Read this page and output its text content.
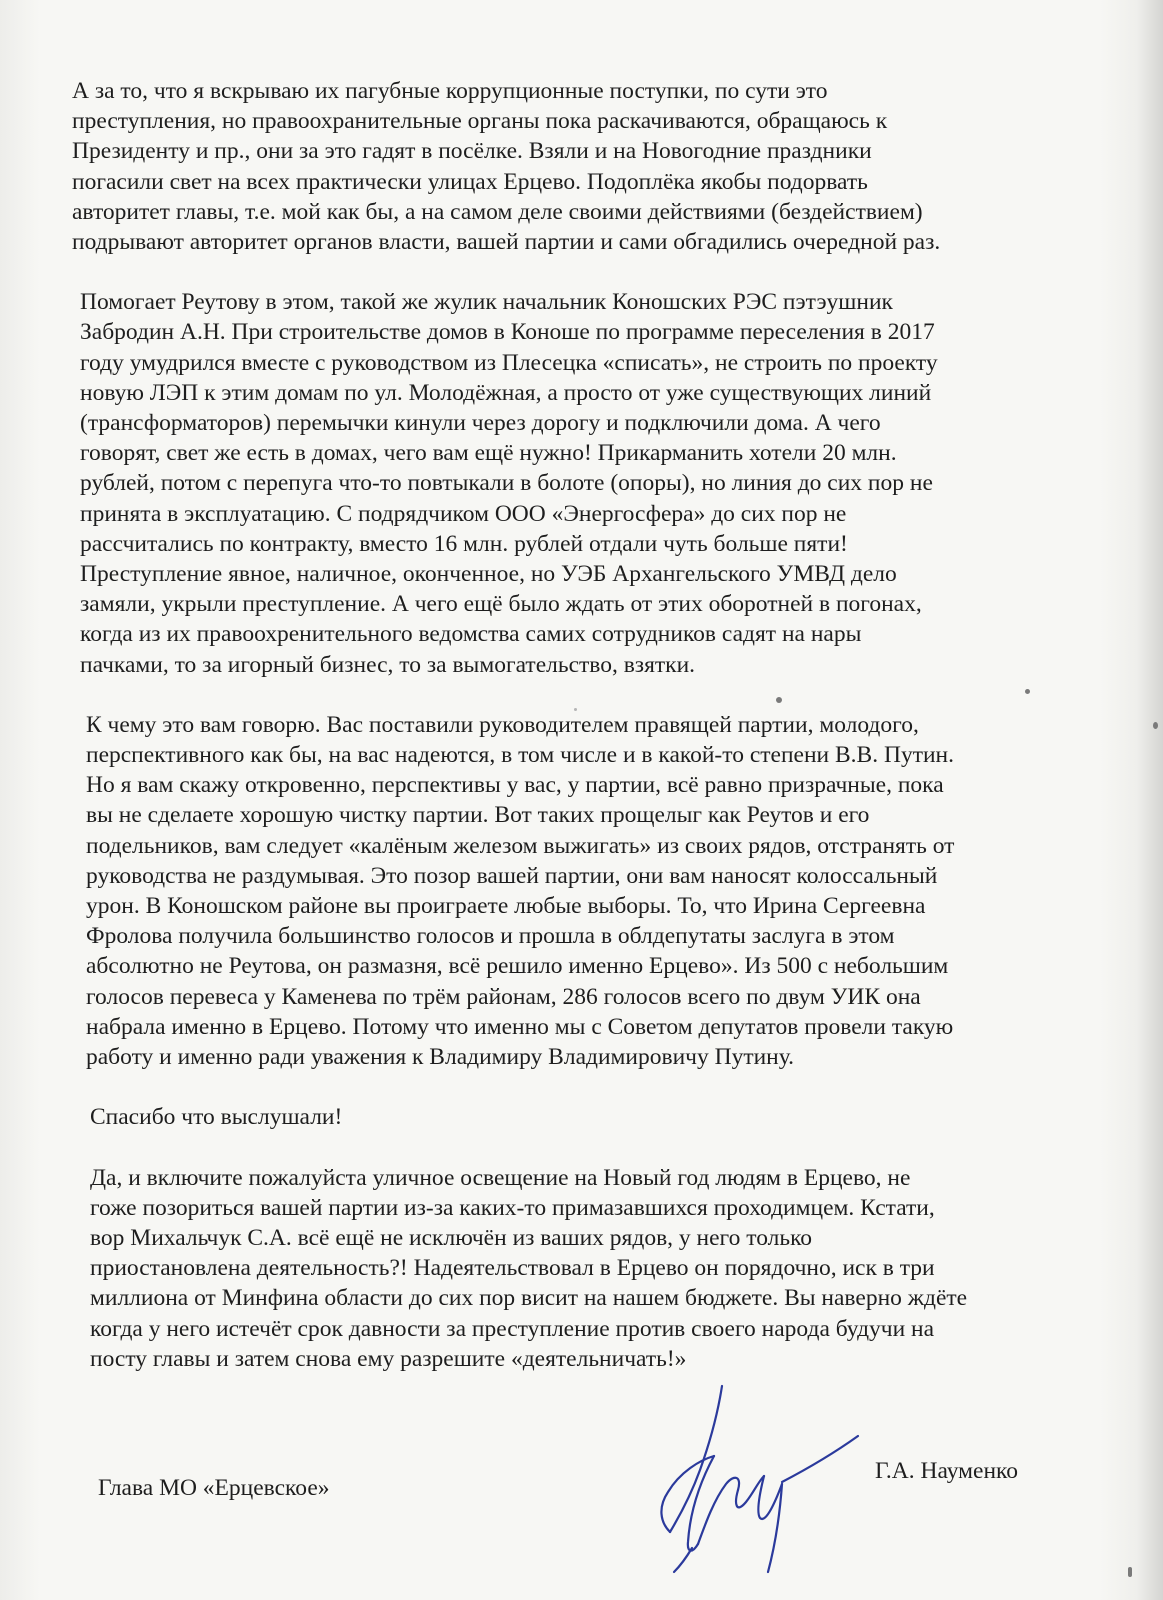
А за то, что я вскрываю их пагубные коррупционные поступки, по сути это
преступления, но правоохранительные органы пока раскачиваются, обращаюсь к
Президенту и пр., они за это гадят в посёлке. Взяли и на Новогодние праздники
погасили свет на всех практически улицах Ерцево. Подоплёка якобы подорвать
авторитет главы, т.е. мой как бы, а на самом деле своими действиями (бездействием)
подрывают авторитет органов власти, вашей партии и сами обгадились очередной раз.

Помогает Реутову в этом, такой же жулик начальник Коношских РЭС пэтэушник
Забродин А.Н. При строительстве домов в Коноше по программе переселения в 2017
году умудрился вместе с руководством из Плесецка «списать», не строить по проекту
новую ЛЭП к этим домам по ул. Молодёжная, а просто от уже существующих линий
(трансформаторов) перемычки кинули через дорогу и подключили дома. А чего
говорят, свет же есть в домах, чего вам ещё нужно! Прикарманить хотели 20 млн.
рублей, потом с перепуга что-то повтыкали в болоте (опоры), но линия до сих пор не
принята в эксплуатацию. С подрядчиком ООО «Энергосфера» до сих пор не
рассчитались по контракту, вместо 16 млн. рублей отдали чуть больше пяти!
Преступление явное, наличное, оконченное, но УЭБ Архангельского УМВД дело
замяли, укрыли преступление. А чего ещё было ждать от этих оборотней в погонах,
когда из их правоохренительного ведомства самих сотрудников садят на нары
пачками, то за игорный бизнес, то за вымогательство, взятки.

К чему это вам говорю. Вас поставили руководителем правящей партии, молодого,
перспективного как бы, на вас надеются, в том числе и в какой-то степени В.В. Путин.
Но я вам скажу откровенно, перспективы у вас, у партии, всё равно призрачные, пока
вы не сделаете хорошую чистку партии. Вот таких прощелыг как Реутов и его
подельников, вам следует «калёным железом выжигать» из своих рядов, отстранять от
руководства не раздумывая. Это позор вашей партии, они вам наносят колоссальный
урон. В Коношском районе вы проиграете любые выборы. То, что Ирина Сергеевна
Фролова получила большинство голосов и прошла в облдепутаты заслуга в этом
абсолютно не Реутова, он размазня, всё решило именно Ерцево». Из 500 с небольшим
голосов перевеса у Каменева по трём районам, 286 голосов всего по двум УИК она
набрала именно в Ерцево. Потому что именно мы с Советом депутатов провели такую
работу и именно ради уважения к Владимиру Владимировичу Путину.

Спасибо что выслушали!

Да, и включите пожалуйста уличное освещение на Новый год людям в Ерцево, не
гоже позориться вашей партии из-за каких-то примазавшихся проходимцем. Кстати,
вор Михальчук С.А. всё ещё не исключён из ваших рядов, у него только
приостановлена деятельность?! Надеятельствовал в Ерцево он порядочно, иск в три
миллиона от Минфина области до сих пор висит на нашем бюджете. Вы наверно ждёте
когда у него истечёт срок давности за преступление против своего народа будучи на
посту главы и затем снова ему разрешите «деятельничать!»

Глава МО «Ерцевское»
Г.А. Науменко
